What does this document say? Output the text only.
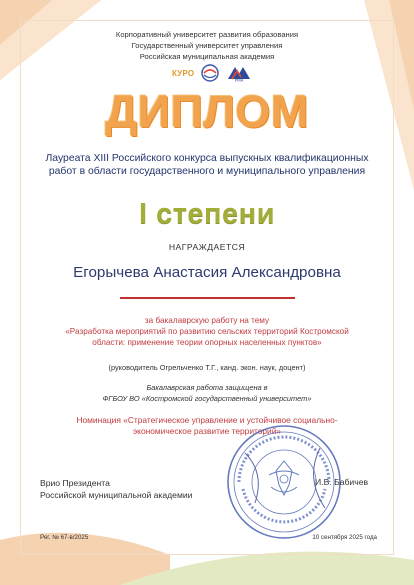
Корпоративный университет развития образования
Государственный университет управления
Российская муниципальная академия
КУРО
РМА
ДИПЛОМ
Лауреата XIII Российского конкурса выпускных квалификационных работ в области государственного и муниципального управления
I степени
НАГРАЖДАЕТСЯ
Егорычева Анастасия Александровна
за бакалаврскую работу на тему
«Разработка мероприятий по развитию сельских территорий Костромской области: применение теории опорных населенных пунктов»
(руководитель Огрельченко Т.Г., канд. экон. наук, доцент)
Бакалаврская работа защищена в
ФГБОУ ВО «Костромской государственный университет»
Номинация «Стратегическое управление и устойчивое социально-экономическое развитие территорий»
Врио Президента
Российской муниципальной академии
И.В. Бабичев
Рег. № 67-в/2025	10 сентября 2025 года
